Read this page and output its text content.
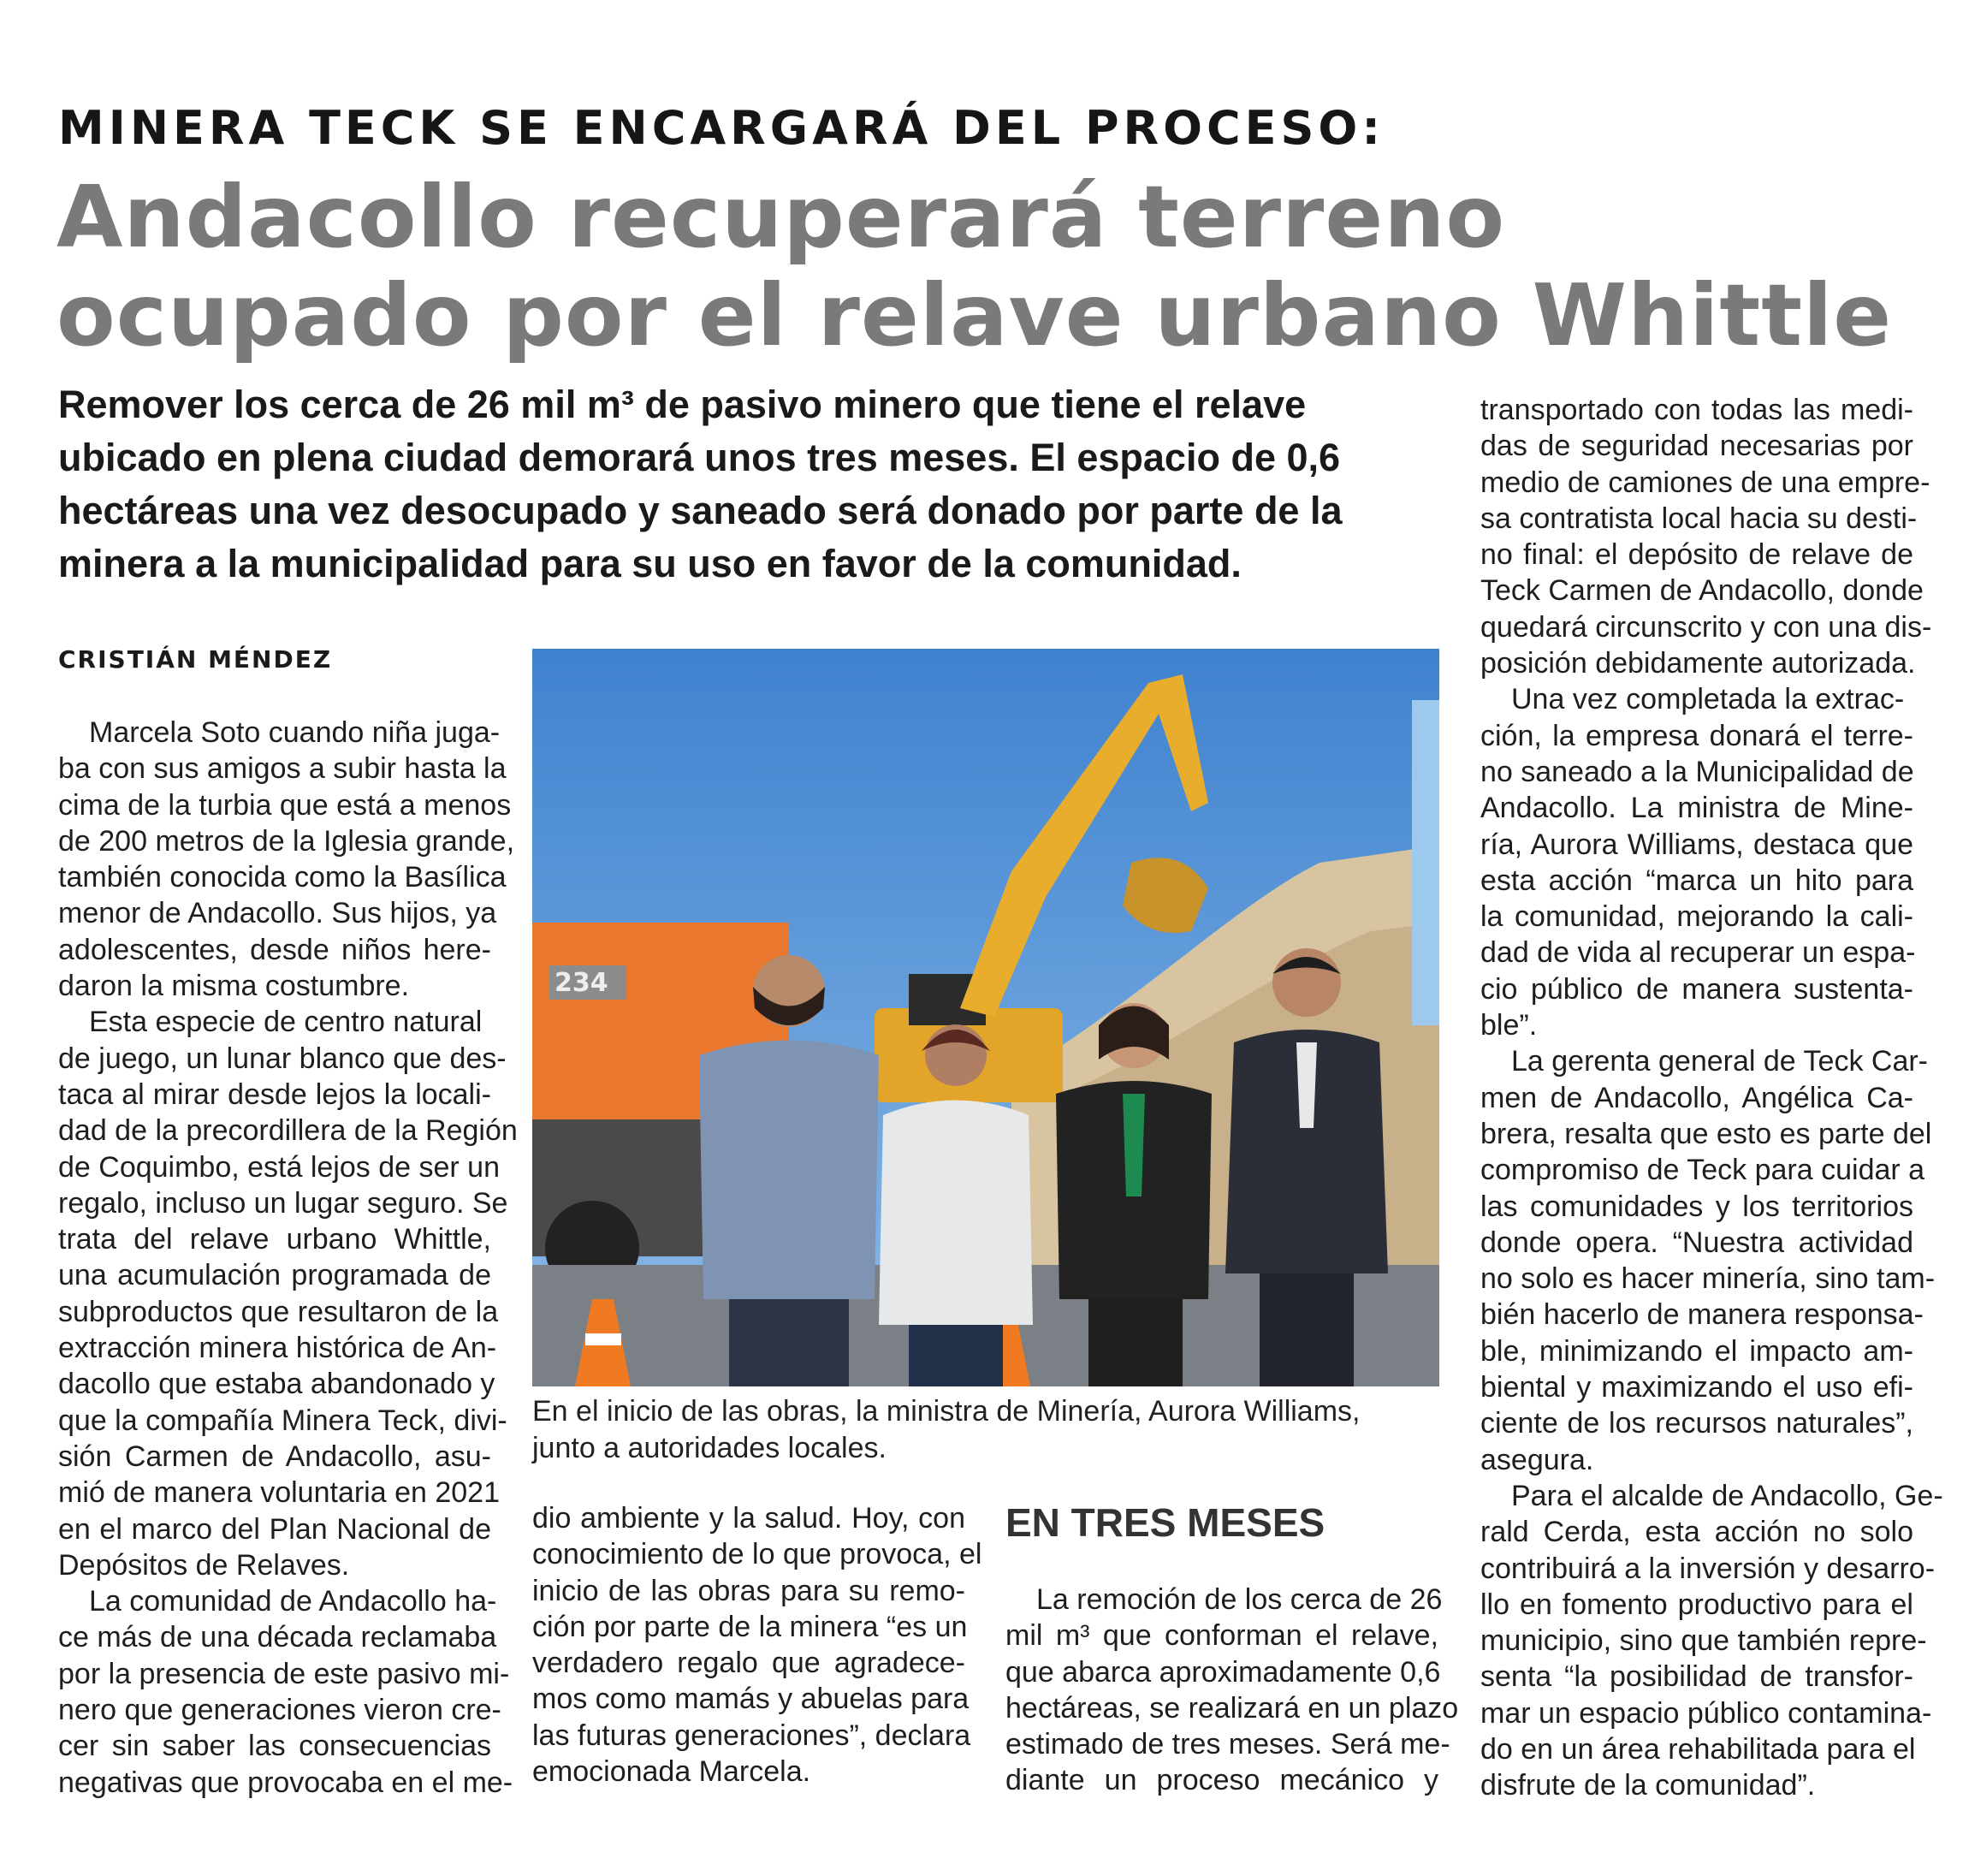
MINERA TECK SE ENCARGARÁ DEL PROCESO:
Andacollo recuperará terreno
ocupado por el relave urbano Whittle
Remover los cerca de 26 mil m³ de pasivo minero que tiene el relave
ubicado en plena ciudad demorará unos tres meses. El espacio de 0,6
hectáreas una vez desocupado y saneado será donado por parte de la
minera a la municipalidad para su uso en favor de la comunidad.
CRISTIÁN MÉNDEZ
Marcela Soto cuando niña juga-
ba con sus amigos a subir hasta la
cima de la turbia que está a menos
de 200 metros de la Iglesia grande,
también conocida como la Basílica
menor de Andacollo. Sus hijos, ya
adolescentes, desde niños here-
daron la misma costumbre.
Esta especie de centro natural
de juego, un lunar blanco que des-
taca al mirar desde lejos la locali-
dad de la precordillera de la Región
de Coquimbo, está lejos de ser un
regalo, incluso un lugar seguro. Se
trata del relave urbano Whittle,
una acumulación programada de
subproductos que resultaron de la
extracción minera histórica de An-
dacollo que estaba abandonado y
que la compañía Minera Teck, divi-
sión Carmen de Andacollo, asu-
mió de manera voluntaria en 2021
en el marco del Plan Nacional de
Depósitos de Relaves.
La comunidad de Andacollo ha-
ce más de una década reclamaba
por la presencia de este pasivo mi-
nero que generaciones vieron cre-
cer sin saber las consecuencias
negativas que provocaba en el me-
234
En el inicio de las obras, la ministra de Minería, Aurora Williams,
junto a autoridades locales.
dio ambiente y la salud. Hoy, con
conocimiento de lo que provoca, el
inicio de las obras para su remo-
ción por parte de la minera “es un
verdadero regalo que agradece-
mos como mamás y abuelas para
las futuras generaciones”, declara
emocionada Marcela.
EN TRES MESES
La remoción de los cerca de 26
mil m³ que conforman el relave,
que abarca aproximadamente 0,6
hectáreas, se realizará en un plazo
estimado de tres meses. Será me-
diante un proceso mecánico y
transportado con todas las medi-
das de seguridad necesarias por
medio de camiones de una empre-
sa contratista local hacia su desti-
no final: el depósito de relave de
Teck Carmen de Andacollo, donde
quedará circunscrito y con una dis-
posición debidamente autorizada.
Una vez completada la extrac-
ción, la empresa donará el terre-
no saneado a la Municipalidad de
Andacollo. La ministra de Mine-
ría, Aurora Williams, destaca que
esta acción “marca un hito para
la comunidad, mejorando la cali-
dad de vida al recuperar un espa-
cio público de manera sustenta-
ble”.
La gerenta general de Teck Car-
men de Andacollo, Angélica Ca-
brera, resalta que esto es parte del
compromiso de Teck para cuidar a
las comunidades y los territorios
donde opera. “Nuestra actividad
no solo es hacer minería, sino tam-
bién hacerlo de manera responsa-
ble, minimizando el impacto am-
biental y maximizando el uso efi-
ciente de los recursos naturales”,
asegura.
Para el alcalde de Andacollo, Ge-
rald Cerda, esta acción no solo
contribuirá a la inversión y desarro-
llo en fomento productivo para el
municipio, sino que también repre-
senta “la posibilidad de transfor-
mar un espacio público contamina-
do en un área rehabilitada para el
disfrute de la comunidad”.
